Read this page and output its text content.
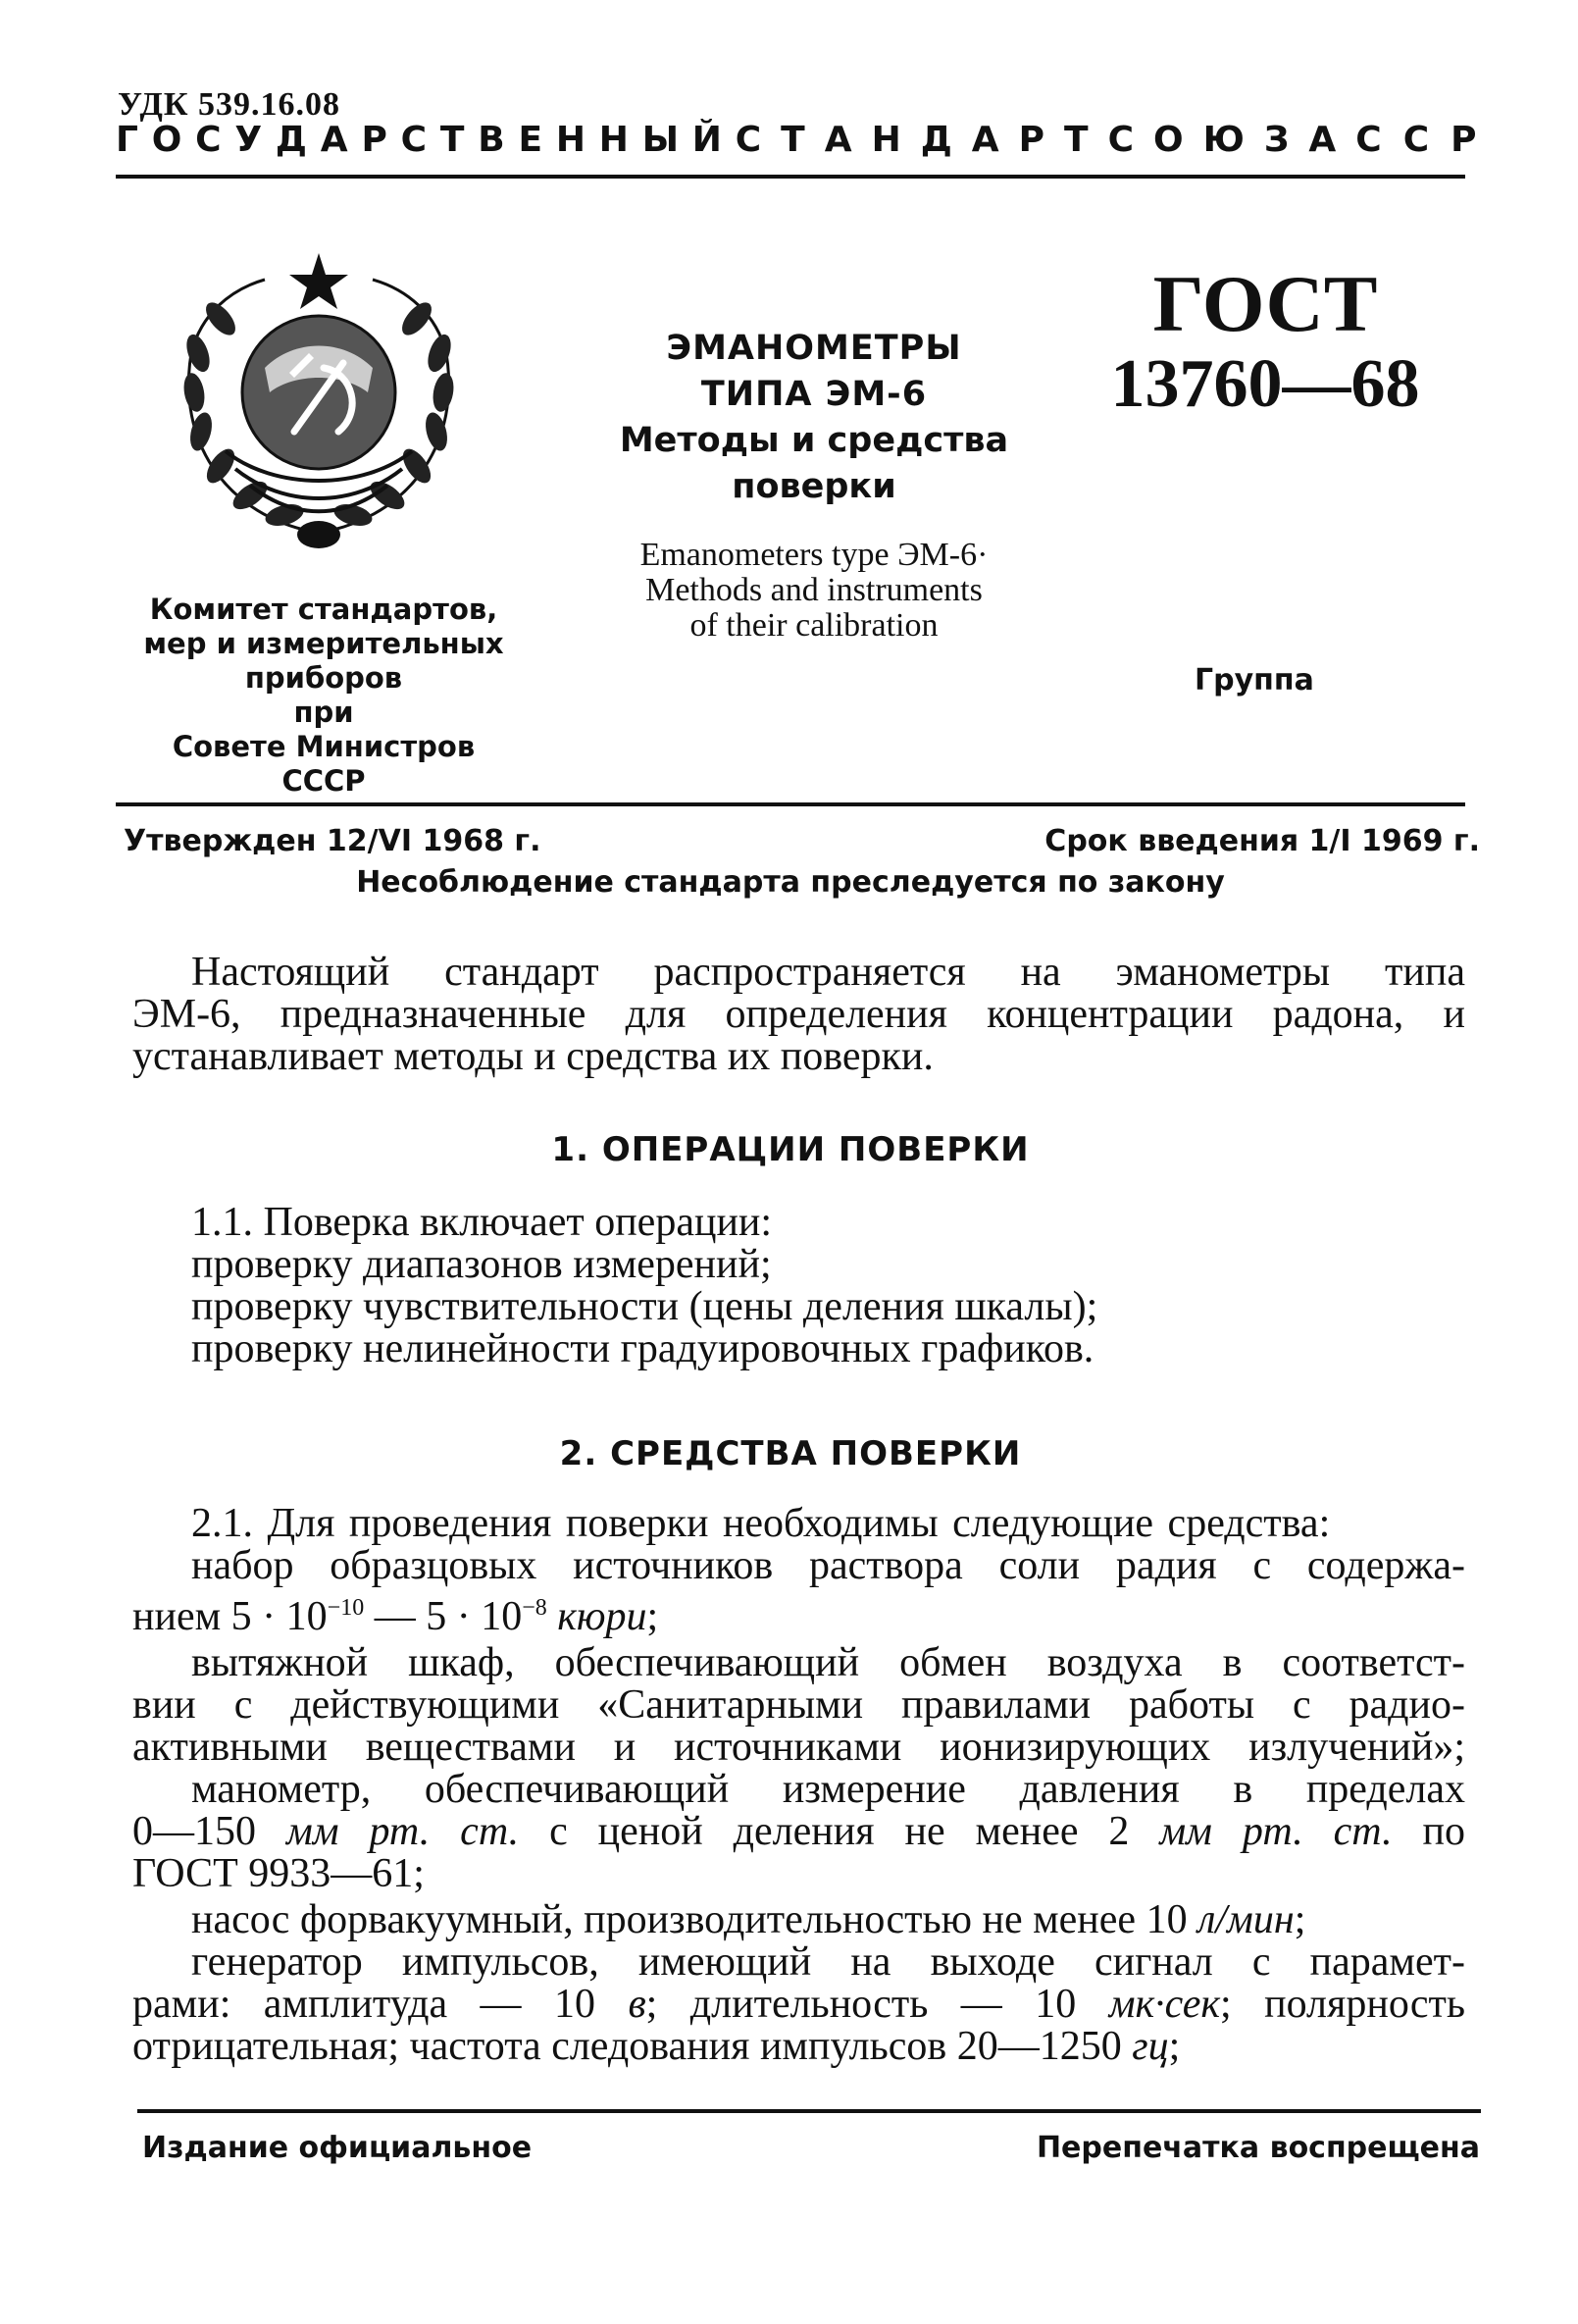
УДК 539.16.08
ГОСУДАРСТВЕННЫЙ СТАНДАРТ СОЮЗА ССР
Комитет стандартов,
мер и измерительных
приборов
при
Совете Министров
СССР
ЭМАНОМЕТРЫ
ТИПА ЭМ-6
Методы и средства
поверки
Emanometers type ЭМ-6·
Methods and instruments
of their calibration
ГОСТ
13760—68
Группа
Утвержден 12/VI 1968 г.	Срок введения 1/I 1969 г.
Несоблюдение стандарта преследуется по закону
Настоящий стандарт распространяется на эманометры типа
ЭМ-6, предназначенные для определения концентрации радона, и
устанавливает методы и средства их поверки.
1. ОПЕРАЦИИ ПОВЕРКИ
1.1. Поверка включает операции:
проверку диапазонов измерений;
проверку чувствительности (цены деления шкалы);
проверку нелинейности градуировочных графиков.
2. СРЕДСТВА ПОВЕРКИ
2.1. Для проведения поверки необходимы следующие средства:
набор образцовых источников раствора соли радия с содержа-
нием $5 \cdot 10^{-10}$ — $5 \cdot 10^{-8}$ кюри;
вытяжной шкаф, обеспечивающий обмен воздуха в соответст-
вии с действующими «Санитарными правилами работы с радио-
активными веществами и источниками ионизирующих излучений»;
манометр, обеспечивающий измерение давления в пределах
0—150 мм рт. ст. с ценой деления не менее 2 мм рт. ст. по
ГОСТ 9933—61;
насос форвакуумный, производительностью не менее 10 л/мин;
генератор импульсов, имеющий на выходе сигнал с парамет-
рами: амплитуда — 10 в; длительность — 10 мк·сек; полярность
отрицательная; частота следования импульсов 20—1250 гц;
Издание официальное	Перепечатка воспрещена
